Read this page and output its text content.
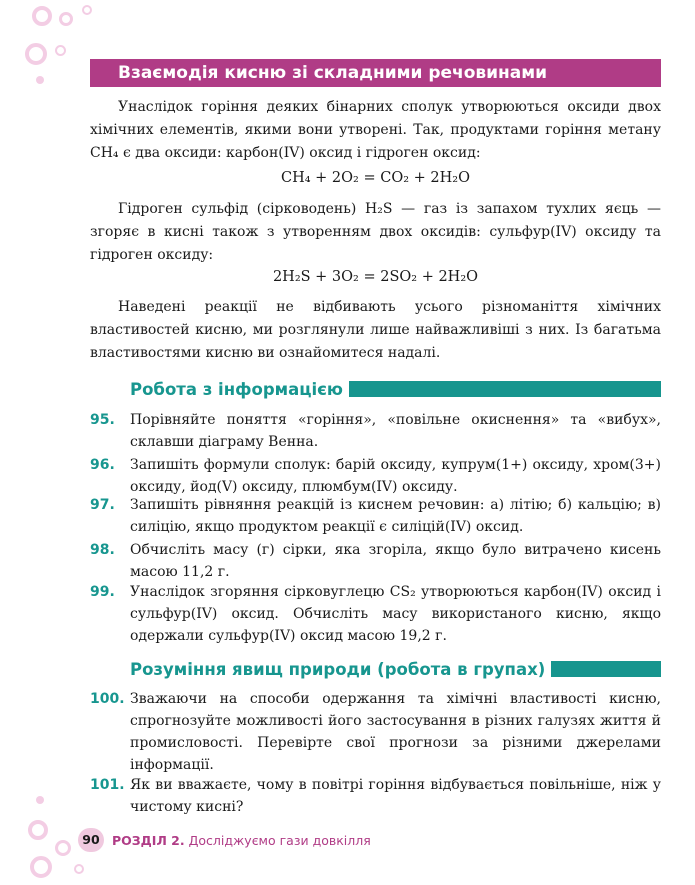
Взаємодія кисню зі складними речовинами

Унаслідок горіння деяких бінарних сполук утворюються оксиди двох хімічних елементів, якими вони утворені. Так, продуктами горіння метану CH₄ є два оксиди: карбон(IV) оксид і гідроген оксид:

CH₄ + 2O₂ = CO₂ + 2H₂O

Гідроген сульфід (сірководень) H₂S — газ із запахом тухлих яєць — згоряє в кисні також з утворенням двох оксидів: сульфур(IV) оксиду та гідроген оксиду:

2H₂S + 3O₂ = 2SO₂ + 2H₂O

Наведені реакції не відбивають усього різноманіття хімічних властивостей кисню, ми розглянули лише найважливіші з них. Із багатьма властивостями кисню ви ознайомитеся надалі.

Робота з інформацією
95. Порівняйте поняття «горіння», «повільне окиснення» та «вибух», склавши діаграму Венна.
96. Запишіть формули сполук: барій оксиду, купрум(1+) оксиду, хром(3+) оксиду, йод(V) оксиду, плюмбум(IV) оксиду.
97. Запишіть рівняння реакцій із киснем речовин: а) літію; б) кальцію; в) силіцію, якщо продуктом реакції є силіцій(IV) оксид.
98. Обчисліть масу (г) сірки, яка згоріла, якщо було витрачено кисень масою 11,2 г.
99. Унаслідок згоряння сірковуглецю CS₂ утворюються карбон(IV) оксид і сульфур(IV) оксид. Обчисліть масу використаного кисню, якщо одержали сульфур(IV) оксид масою 19,2 г.
Розуміння явищ природи (робота в групах)
100. Зважаючи на способи одержання та хімічні властивості кисню, спрогнозуйте можливості його застосування в різних галузях життя й промисловості. Перевірте свої прогнози за різними джерелами інформації.
101. Як ви вважаєте, чому в повітрі горіння відбувається повільніше, ніж у чистому кисні?
90 РОЗДІЛ 2. Досліджуємо гази довкілля
